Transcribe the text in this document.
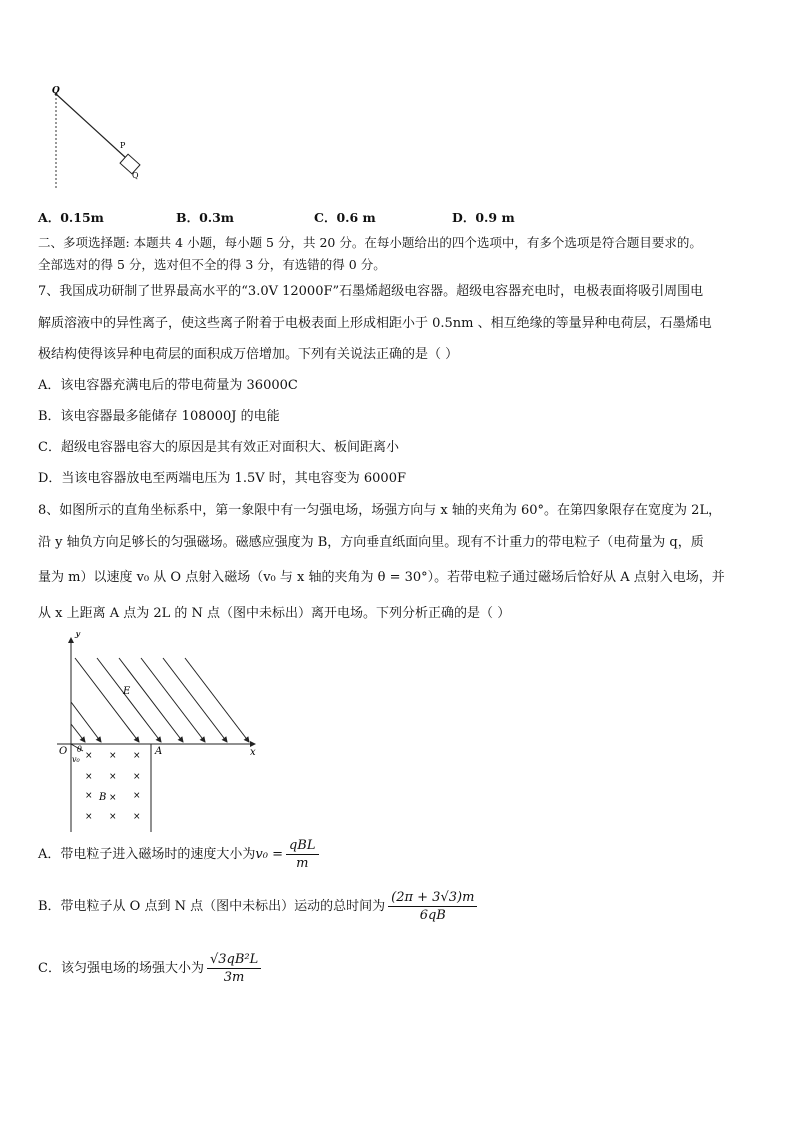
O
P
Q
A．0.15m	B．0.3m	C．0.6 m	D．0.9 m
二、多项选择题: 本题共 4 小题，每小题 5 分，共 20 分。在每小题给出的四个选项中，有多个选项是符合题目要求的。
全部选对的得 5 分，选对但不全的得 3 分，有选错的得 0 分。
7、我国成功研制了世界最高水平的“3.0V 12000F”石墨烯超级电容器。超级电容器充电时，电极表面将吸引周围电
解质溶液中的异性离子，使这些离子附着于电极表面上形成相距小于 0.5nm 、相互绝缘的等量异种电荷层，石墨烯电
极结构使得该异种电荷层的面积成万倍增加。下列有关说法正确的是（ ）
A．该电容器充满电后的带电荷量为 36000C
B．该电容器最多能储存 108000J 的电能
C．超级电容器电容大的原因是其有效正对面积大、板间距离小
D．当该电容器放电至两端电压为 1.5V 时，其电容变为 6000F
8、如图所示的直角坐标系中，第一象限中有一匀强电场，场强方向与 x 轴的夹角为 60°。在第四象限存在宽度为 2L，
沿 y 轴负方向足够长的匀强磁场。磁感应强度为 B，方向垂直纸面向里。现有不计重力的带电粒子（电荷量为 q，质
量为 m）以速度 v₀ 从 O 点射入磁场（v₀ 与 x 轴的夹角为 θ = 30°）。若带电粒子通过磁场后恰好从 A 点射入电场，并
从 x 上距离 A 点为 2L 的 N 点（图中未标出）离开电场。下列分析正确的是（ ）
× × ×
× × ×
×	×
× × ×
×
y
x
O	A
E
θ
v₀
B
A．带电粒子进入磁场时的速度大小为$v_0 = \frac{\text{qBL}}{m}$
B．带电粒子从 O 点到 N 点（图中未标出）运动的总时间为 $\frac{(2\pi + 3√3)m}{6qB}$
C．该匀强电场的场强大小为 $\frac{\text{√3qB²L}}{3m}$
